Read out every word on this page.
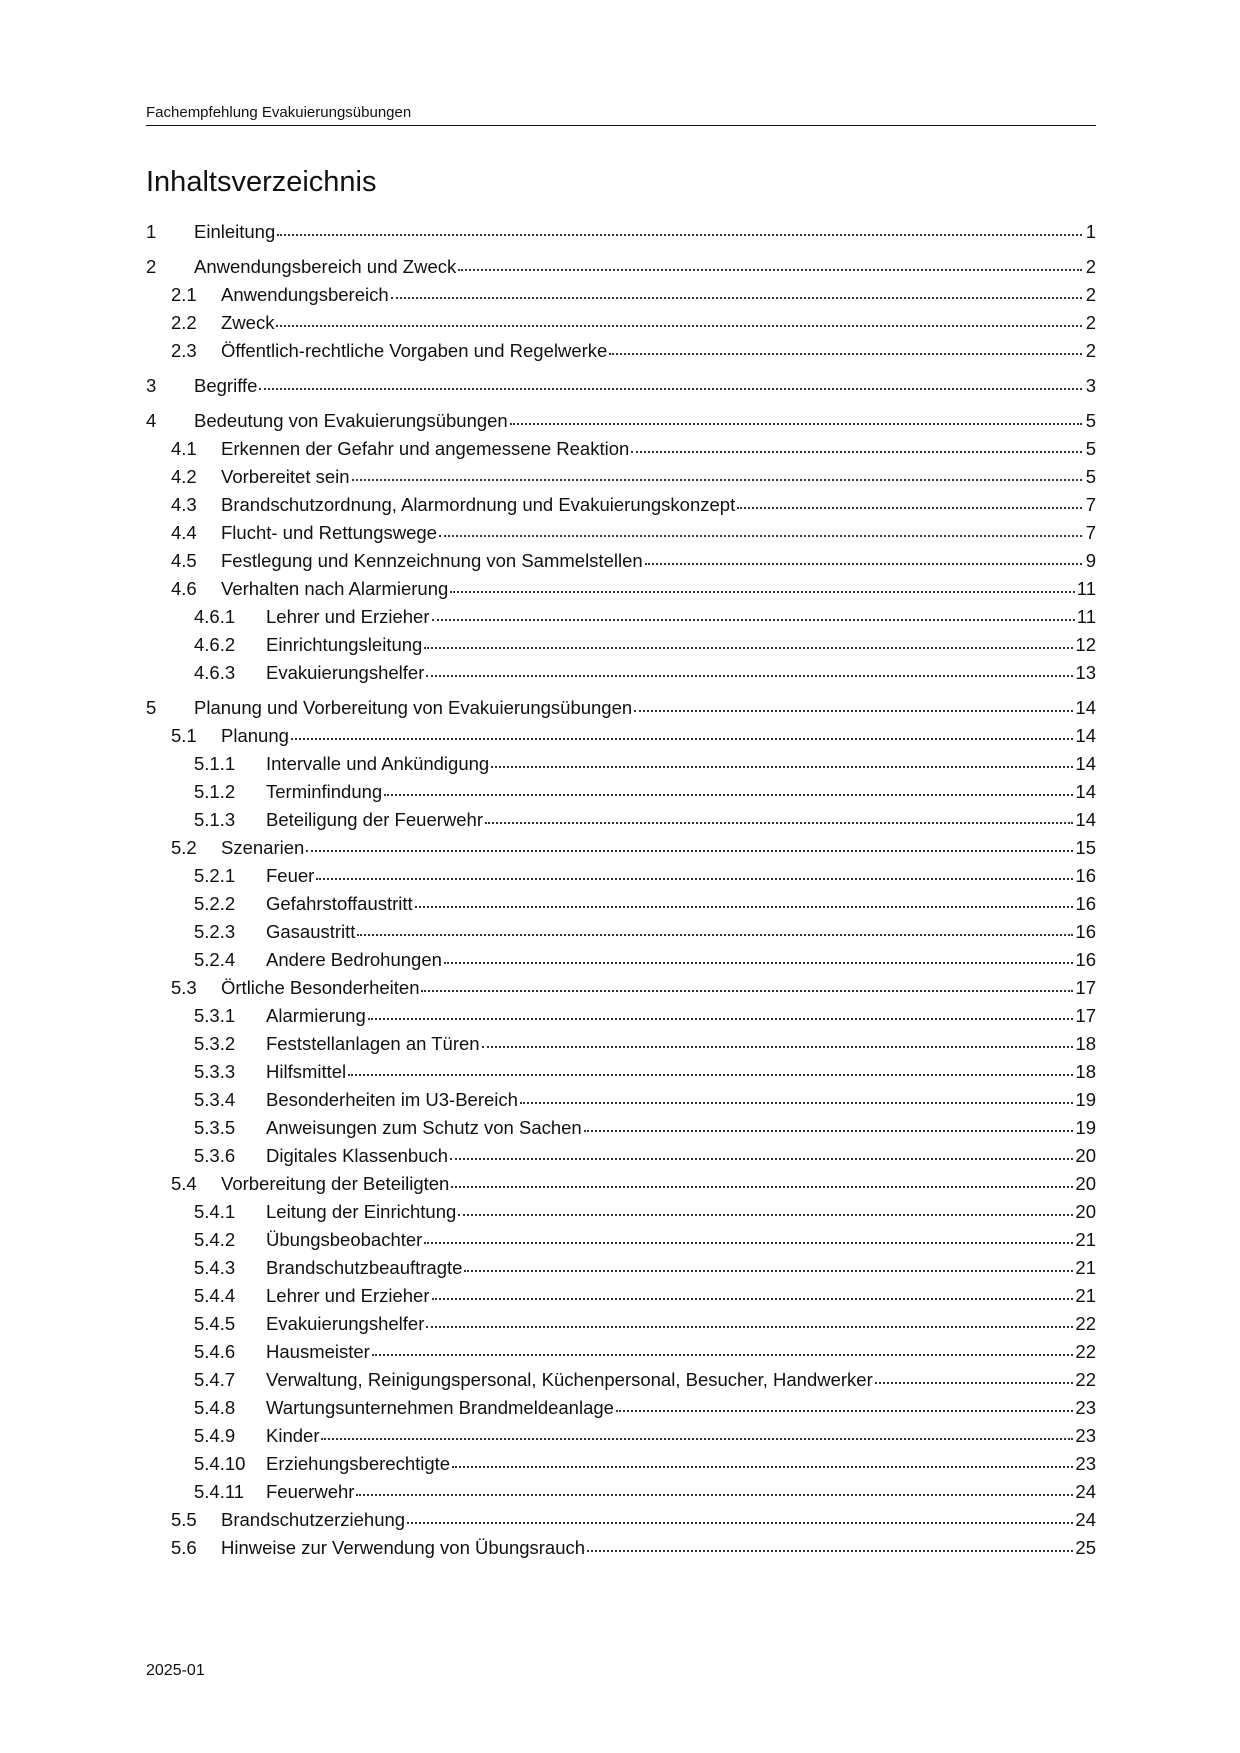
Fachempfehlung Evakuierungsübungen
Inhaltsverzeichnis
1	Einleitung	1
2	Anwendungsbereich und Zweck	2
2.1	Anwendungsbereich	2
2.2	Zweck	2
2.3	Öffentlich-rechtliche Vorgaben und Regelwerke	2
3	Begriffe	3
4	Bedeutung von Evakuierungsübungen	5
4.1	Erkennen der Gefahr und angemessene Reaktion	5
4.2	Vorbereitet sein	5
4.3	Brandschutzordnung, Alarmordnung und Evakuierungskonzept	7
4.4	Flucht- und Rettungswege	7
4.5	Festlegung und Kennzeichnung von Sammelstellen	9
4.6	Verhalten nach Alarmierung	11
4.6.1	Lehrer und Erzieher	11
4.6.2	Einrichtungsleitung	12
4.6.3	Evakuierungshelfer	13
5	Planung und Vorbereitung von Evakuierungsübungen	14
5.1	Planung	14
5.1.1	Intervalle und Ankündigung	14
5.1.2	Terminfindung	14
5.1.3	Beteiligung der Feuerwehr	14
5.2	Szenarien	15
5.2.1	Feuer	16
5.2.2	Gefahrstoffaustritt	16
5.2.3	Gasaustritt	16
5.2.4	Andere Bedrohungen	16
5.3	Örtliche Besonderheiten	17
5.3.1	Alarmierung	17
5.3.2	Feststellanlagen an Türen	18
5.3.3	Hilfsmittel	18
5.3.4	Besonderheiten im U3-Bereich	19
5.3.5	Anweisungen zum Schutz von Sachen	19
5.3.6	Digitales Klassenbuch	20
5.4	Vorbereitung der Beteiligten	20
5.4.1	Leitung der Einrichtung	20
5.4.2	Übungsbeobachter	21
5.4.3	Brandschutzbeauftragte	21
5.4.4	Lehrer und Erzieher	21
5.4.5	Evakuierungshelfer	22
5.4.6	Hausmeister	22
5.4.7	Verwaltung, Reinigungspersonal, Küchenpersonal, Besucher, Handwerker	22
5.4.8	Wartungsunternehmen Brandmeldeanlage	23
5.4.9	Kinder	23
5.4.10	Erziehungsberechtigte	23
5.4.11	Feuerwehr	24
5.5	Brandschutzerziehung	24
5.6	Hinweise zur Verwendung von Übungsrauch	25
2025-01
